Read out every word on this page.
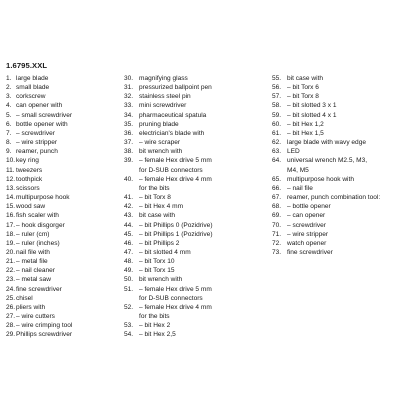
1.6795.XXL
1. large blade
2. small blade
3. corkscrew
4. can opener with
5. – small screwdriver
6. bottle opener with
7. – screwdriver
8. – wire stripper
9. reamer, punch
10. key ring
11. tweezers
12. toothpick
13. scissors
14. multipurpose hook
15. wood saw
16. fish scaler with
17. – hook disgorger
18. – ruler (cm)
19. – ruler (inches)
20. nail file with
21. – metal file
22. – nail cleaner
23. – metal saw
24. fine screwdriver
25. chisel
26. pliers with
27. – wire cutters
28. – wire crimping tool
29. Phillips screwdriver
30. magnifying glass
31. pressurized ballpoint pen
32. stainless steel pin
33. mini screwdriver
34. pharmaceutical spatula
35. pruning blade
36. electrician's blade with
37. – wire scraper
38. bit wrench with
39. – female Hex drive 5 mm
for D-SUB connectors
40. – female Hex drive 4 mm
for the bits
41. – bit Torx 8
42. – bit Hex 4 mm
43. bit case with
44. – bit Phillips 0 (Pozidrive)
45. – bit Phillips 1 (Pozidrive)
46. – bit Phillips 2
47. – bit slotted 4 mm
48. – bit Torx 10
49. – bit Torx 15
50. bit wrench with
51. – female Hex drive 5 mm
for D-SUB connectors
52. – female Hex drive 4 mm
for the bits
53. – bit Hex 2
54. – bit Hex 2,5
55. bit case with
56. – bit Torx 6
57. – bit Torx 8
58. – bit slotted 3 x 1
59. – bit slotted 4 x 1
60. – bit Hex 1,2
61. – bit Hex 1,5
62. large blade with wavy edge
63. LED
64. universal wrench M2.5, M3,
M4, M5
65. multipurpose hook with
66. – nail file
67. reamer, punch combination tool:
68. – bottle opener
69. – can opener
70. – screwdriver
71. – wire stripper
72. watch opener
73. fine screwdriver
